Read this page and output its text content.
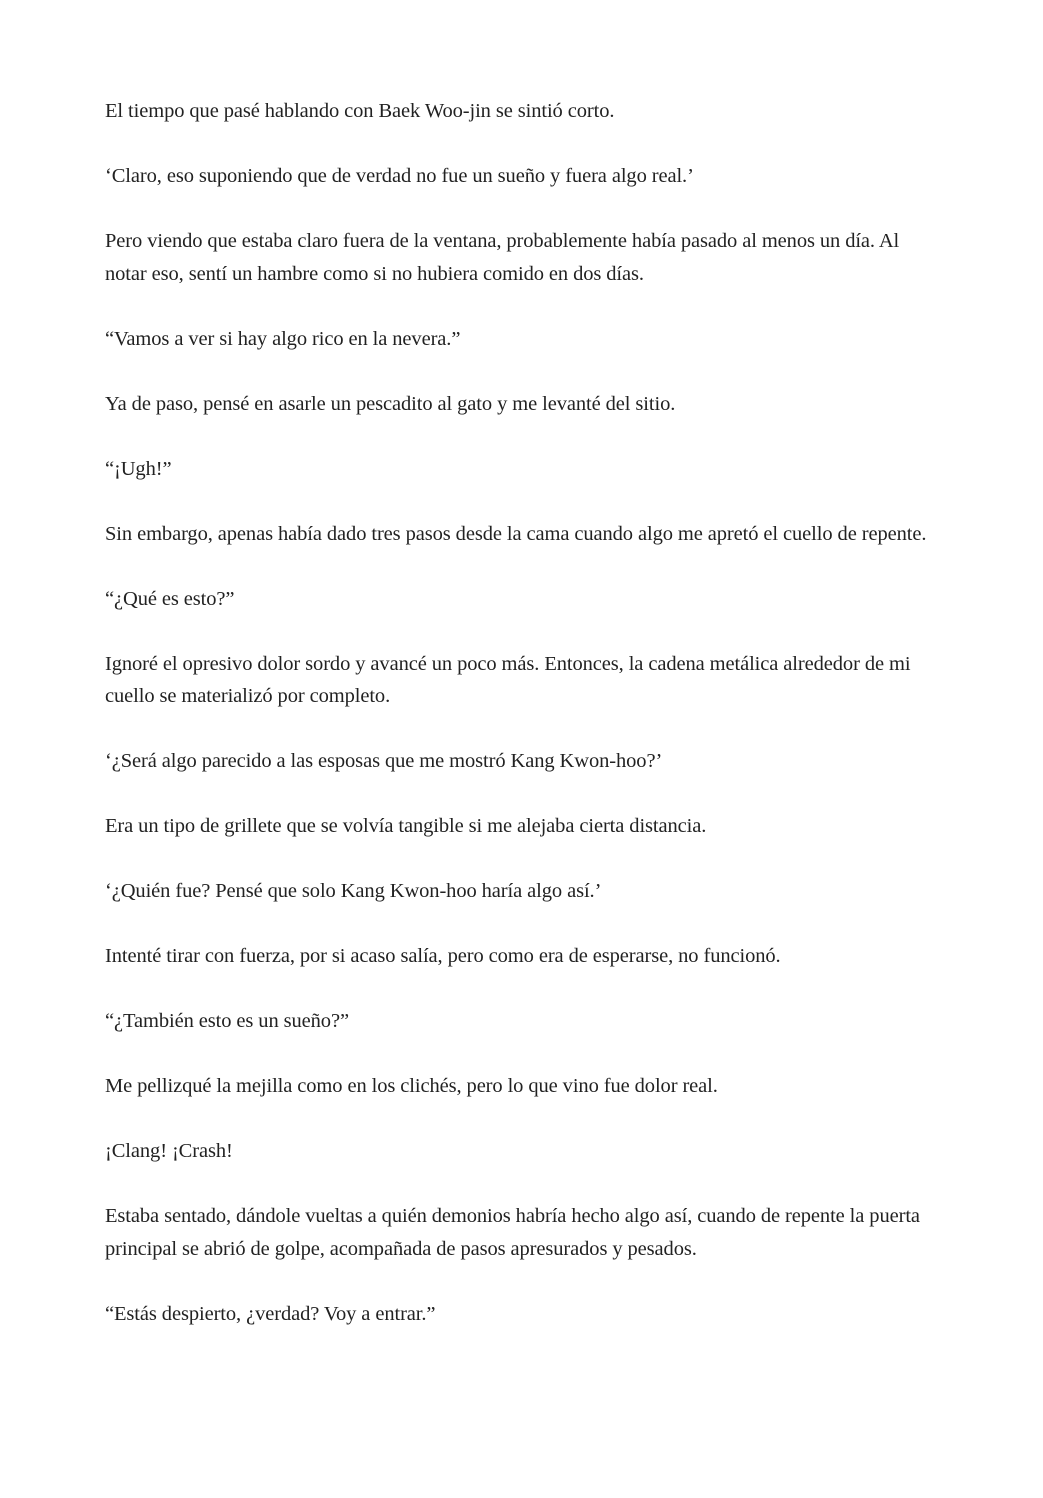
El tiempo que pasé hablando con Baek Woo-jin se sintió corto.

‘Claro, eso suponiendo que de verdad no fue un sueño y fuera algo real.’

Pero viendo que estaba claro fuera de la ventana, probablemente había pasado al menos un día. Al notar eso, sentí un hambre como si no hubiera comido en dos días.

“Vamos a ver si hay algo rico en la nevera.”

Ya de paso, pensé en asarle un pescadito al gato y me levanté del sitio.

“¡Ugh!”

Sin embargo, apenas había dado tres pasos desde la cama cuando algo me apretó el cuello de repente.

“¿Qué es esto?”

Ignoré el opresivo dolor sordo y avancé un poco más. Entonces, la cadena metálica alrededor de mi cuello se materializó por completo.

‘¿Será algo parecido a las esposas que me mostró Kang Kwon-hoo?’

Era un tipo de grillete que se volvía tangible si me alejaba cierta distancia.

‘¿Quién fue? Pensé que solo Kang Kwon-hoo haría algo así.’

Intenté tirar con fuerza, por si acaso salía, pero como era de esperarse, no funcionó.

“¿También esto es un sueño?”

Me pellizqué la mejilla como en los clichés, pero lo que vino fue dolor real.

¡Clang! ¡Crash!

Estaba sentado, dándole vueltas a quién demonios habría hecho algo así, cuando de repente la puerta principal se abrió de golpe, acompañada de pasos apresurados y pesados.

“Estás despierto, ¿verdad? Voy a entrar.”
